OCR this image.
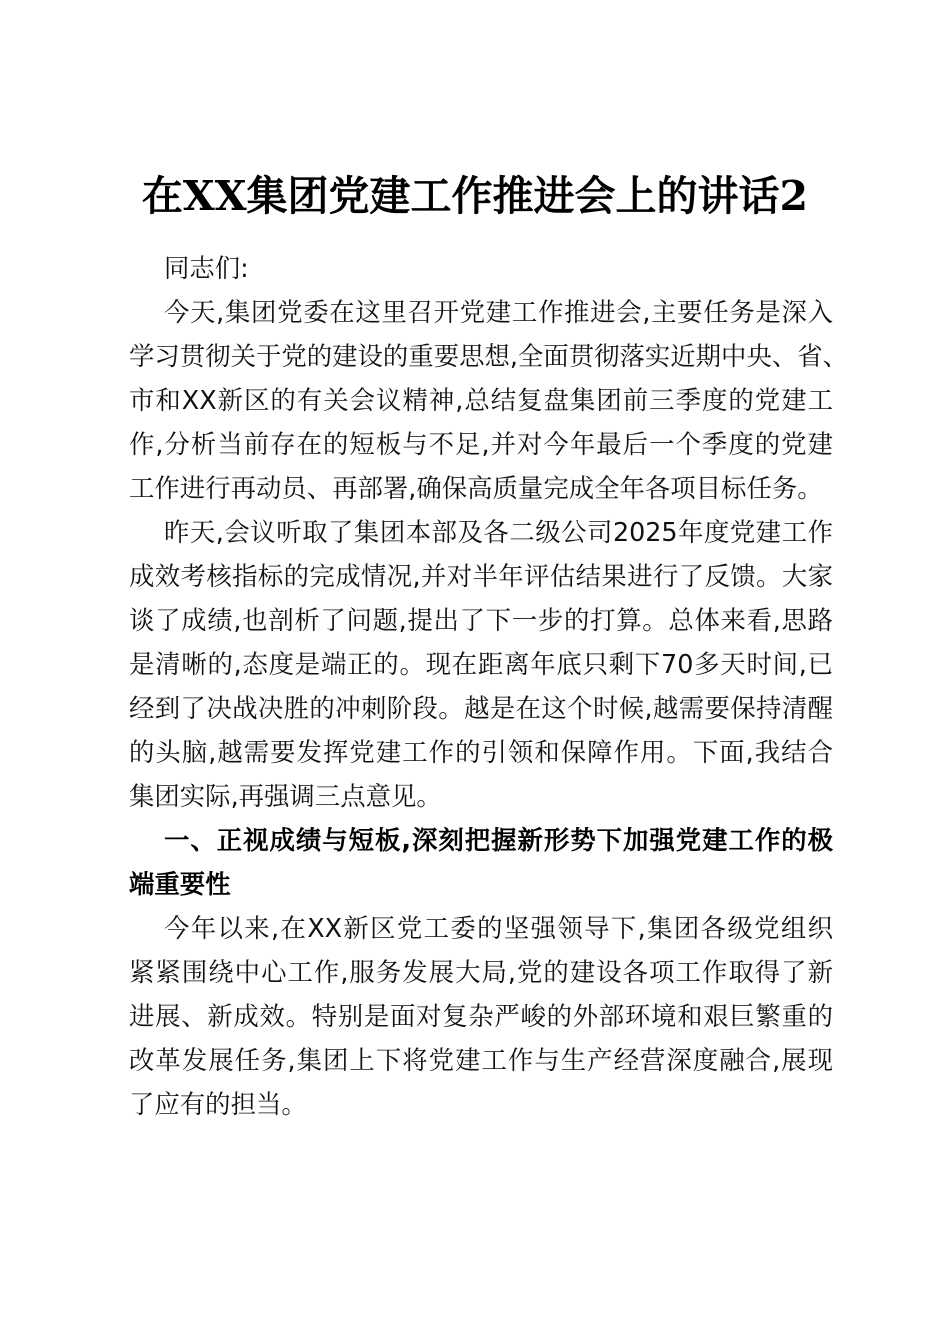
在XX集团党建工作推进会上的讲话2

同志们:

今天,集团党委在这里召开党建工作推进会,主要任务是深入
学习贯彻关于党的建设的重要思想,全面贯彻落实近期中央、省、
市和XX新区的有关会议精神,总结复盘集团前三季度的党建工
作,分析当前存在的短板与不足,并对今年最后一个季度的党建
工作进行再动员、再部署,确保高质量完成全年各项目标任务。

昨天,会议听取了集团本部及各二级公司2025年度党建工作
成效考核指标的完成情况,并对半年评估结果进行了反馈。大家
谈了成绩,也剖析了问题,提出了下一步的打算。总体来看,思路
是清晰的,态度是端正的。现在距离年底只剩下70多天时间,已
经到了决战决胜的冲刺阶段。越是在这个时候,越需要保持清醒
的头脑,越需要发挥党建工作的引领和保障作用。下面,我结合
集团实际,再强调三点意见。

一、正视成绩与短板,深刻把握新形势下加强党建工作的极
端重要性

今年以来,在XX新区党工委的坚强领导下,集团各级党组织
紧紧围绕中心工作,服务发展大局,党的建设各项工作取得了新
进展、新成效。特别是面对复杂严峻的外部环境和艰巨繁重的
改革发展任务,集团上下将党建工作与生产经营深度融合,展现
了应有的担当。
